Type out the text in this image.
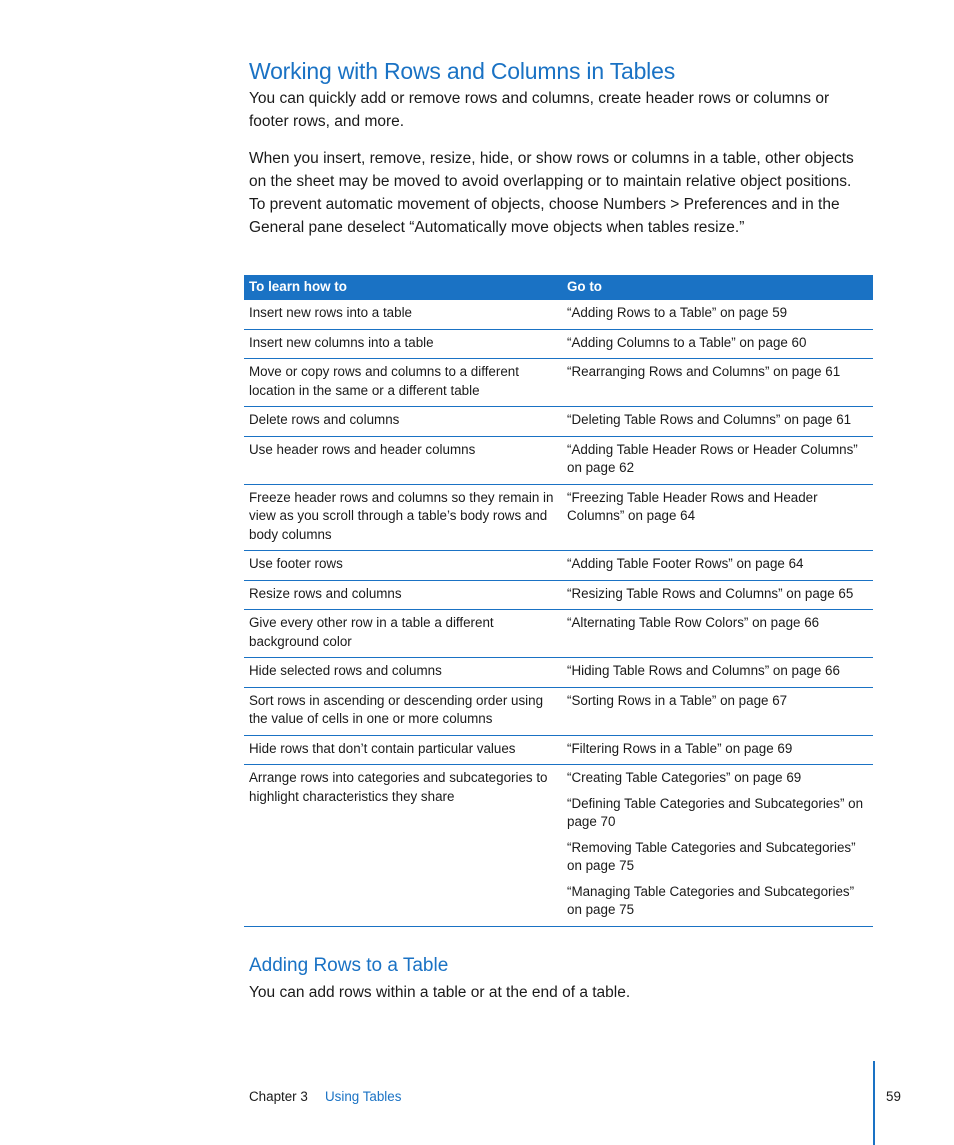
Working with Rows and Columns in Tables

You can quickly add or remove rows and columns, create header rows or columns or footer rows, and more.

When you insert, remove, resize, hide, or show rows or columns in a table, other objects on the sheet may be moved to avoid overlapping or to maintain relative object positions. To prevent automatic movement of objects, choose Numbers > Preferences and in the General pane deselect “Automatically move objects when tables resize.”

To learn how to	Go to
Insert new rows into a table	“Adding Rows to a Table” on page 59

Insert new columns into a table	“Adding Columns to a Table” on page 60

Move or copy rows and columns to a different location in the same or a different table	“Rearranging Rows and Columns” on page 61

Delete rows and columns	“Deleting Table Rows and Columns” on page 61

Use header rows and header columns	“Adding Table Header Rows or Header Columns” on page 62

Freeze header rows and columns so they remain in view as you scroll through a table’s body rows and body columns	“Freezing Table Header Rows and Header Columns” on page 64

Use footer rows	“Adding Table Footer Rows” on page 64

Resize rows and columns	“Resizing Table Rows and Columns” on page 65

Give every other row in a table a different background color	“Alternating Table Row Colors” on page 66

Hide selected rows and columns	“Hiding Table Rows and Columns” on page 66

Sort rows in ascending or descending order using the value of cells in one or more columns	“Sorting Rows in a Table” on page 67

Hide rows that don’t contain particular values	“Filtering Rows in a Table” on page 69

Arrange rows into categories and subcategories to highlight characteristics they share	“Creating Table Categories” on page 69
“Defining Table Categories and Subcategories” on page 70
“Removing Table Categories and Subcategories” on page 75
“Managing Table Categories and Subcategories” on page 75
Adding Rows to a Table

You can add rows within a table or at the end of a table.

Chapter 3 Using Tables	59
